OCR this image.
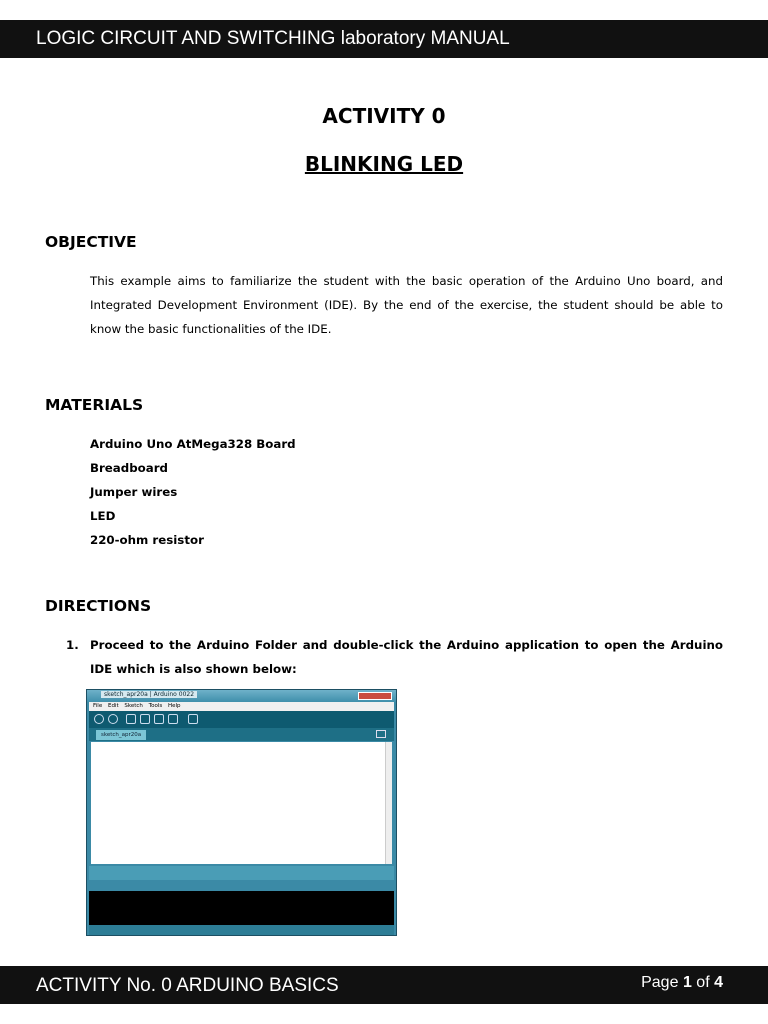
LOGIC CIRCUIT AND SWITCHING laboratory MANUAL
ACTIVITY 0
BLINKING LED
OBJECTIVE
This example aims to familiarize the student with the basic operation of the Arduino Uno board, and Integrated Development Environment (IDE). By the end of the exercise, the student should be able to know the basic functionalities of the IDE.
MATERIALS
Arduino Uno AtMega328 Board
Breadboard
Jumper wires
LED
220-ohm resistor
DIRECTIONS
1. Proceed to the Arduino Folder and double-click the Arduino application to open the Arduino IDE which is also shown below:
sketch_apr20a | Arduino 0022
File Edit Sketch Tools Help
sketch_apr20a
ACTIVITY No. 0 ARDUINO BASICS	Page 1 of 4
